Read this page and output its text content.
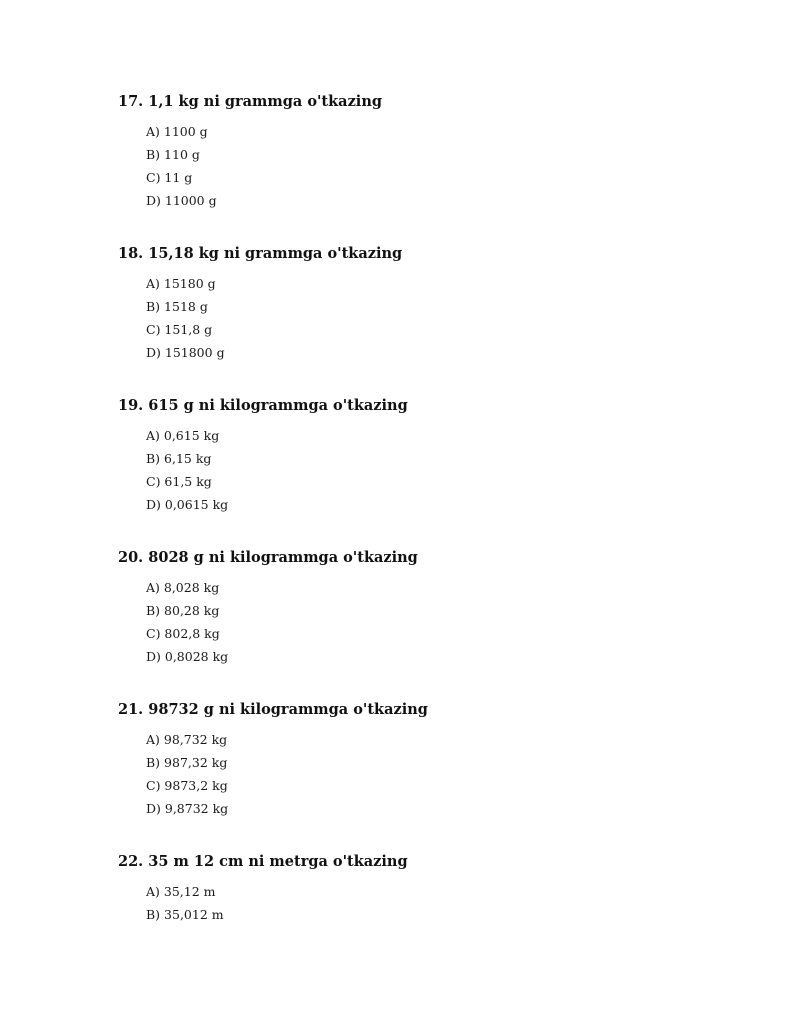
17. 1,1 kg ni grammga o'tkazing

A) 1100 g
B) 110 g
C) 11 g
D) 11000 g

18. 15,18 kg ni grammga o'tkazing

A) 15180 g
B) 1518 g
C) 151,8 g
D) 151800 g

19. 615 g ni kilogrammga o'tkazing

A) 0,615 kg
B) 6,15 kg
C) 61,5 kg
D) 0,0615 kg

20. 8028 g ni kilogrammga o'tkazing

A) 8,028 kg
B) 80,28 kg
C) 802,8 kg
D) 0,8028 kg

21. 98732 g ni kilogrammga o'tkazing

A) 98,732 kg
B) 987,32 kg
C) 9873,2 kg
D) 9,8732 kg

22. 35 m 12 cm ni metrga o'tkazing

A) 35,12 m
B) 35,012 m
